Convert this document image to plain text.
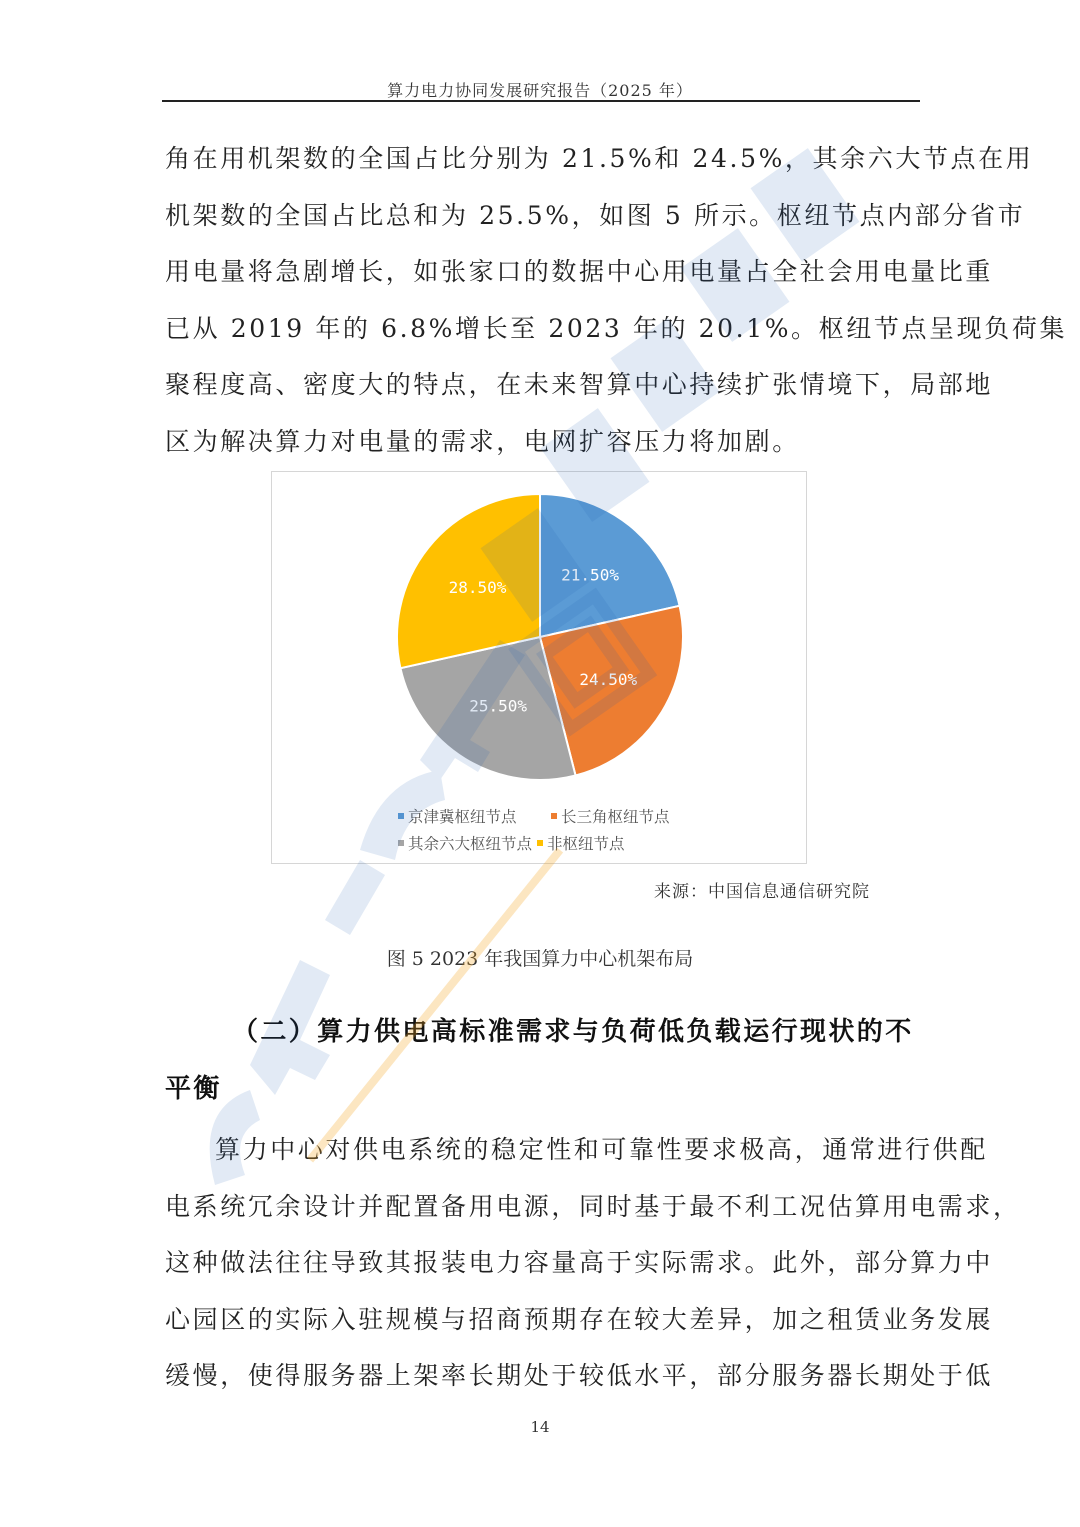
算力电力协同发展研究报告（2025 年）

角在用机架数的全国占比分别为 21.5%和 24.5%，其余六大节点在用
机架数的全国占比总和为 25.5%，如图 5 所示。枢纽节点内部分省市
用电量将急剧增长，如张家口的数据中心用电量占全社会用电量比重
已从 2019 年的 6.8%增长至 2023 年的 20.1%。枢纽节点呈现负荷集
聚程度高、密度大的特点，在未来智算中心持续扩张情境下，局部地
区为解决算力对电量的需求，电网扩容压力将加剧。

21.50%
24.50%
25.50%
28.50%
京津冀枢纽节点	长三角枢纽节点
其余六大枢纽节点 非枢纽节点
来源：中国信息通信研究院
图 5 2023 年我国算力中心机架布局
（二）算力供电高标准需求与负荷低负载运行现状的不
平衡

算力中心对供电系统的稳定性和可靠性要求极高，通常进行供配
电系统冗余设计并配置备用电源，同时基于最不利工况估算用电需求，
这种做法往往导致其报装电力容量高于实际需求。此外，部分算力中
心园区的实际入驻规模与招商预期存在较大差异，加之租赁业务发展
缓慢，使得服务器上架率长期处于较低水平，部分服务器长期处于低

14
